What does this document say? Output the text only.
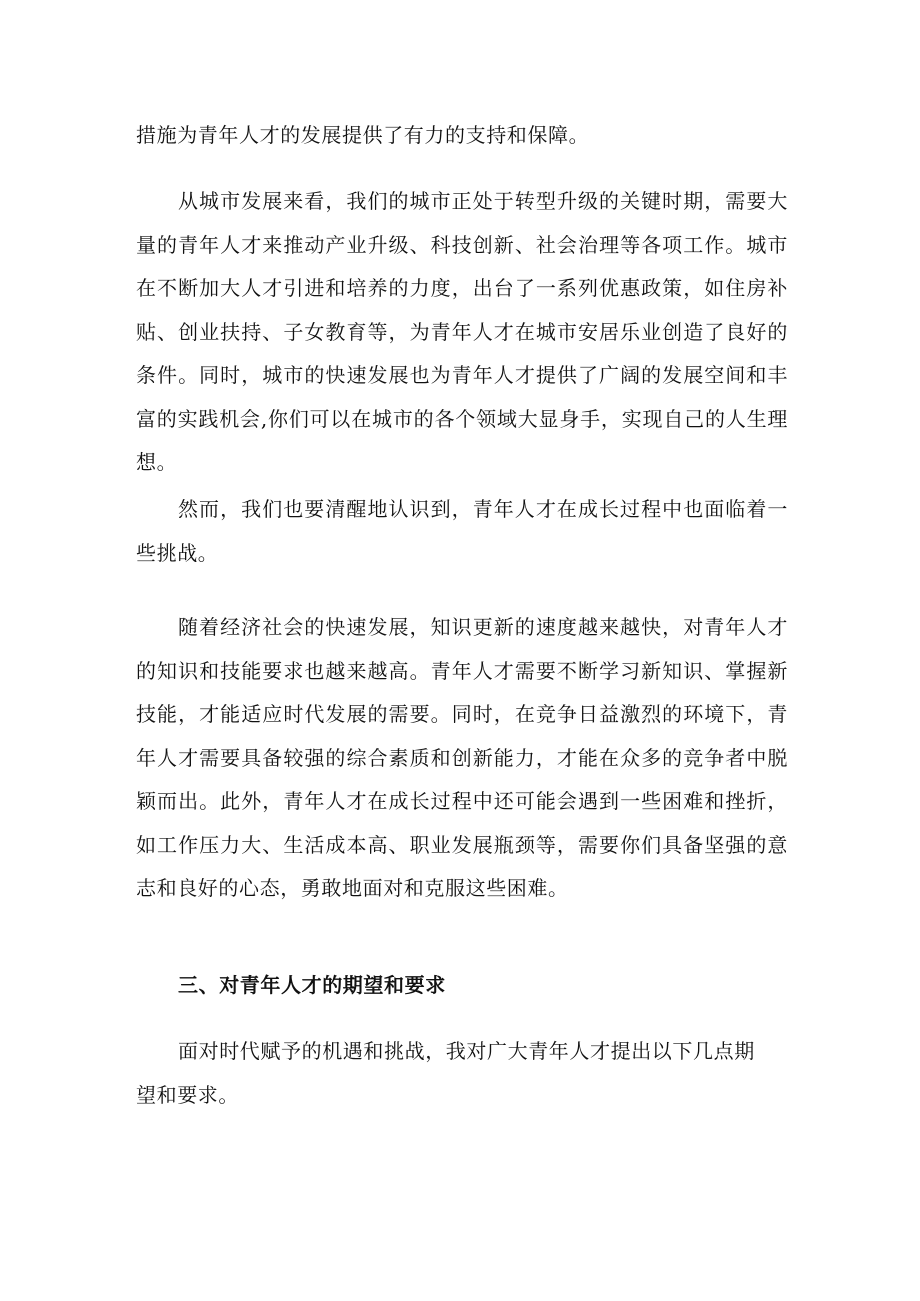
措施为青年人才的发展提供了有力的支持和保障。

从城市发展来看，我们的城市正处于转型升级的关键时期，需要大量的青年人才来推动产业升级、科技创新、社会治理等各项工作。城市在不断加大人才引进和培养的力度，出台了一系列优惠政策，如住房补贴、创业扶持、子女教育等，为青年人才在城市安居乐业创造了良好的条件。同时，城市的快速发展也为青年人才提供了广阔的发展空间和丰富的实践机会,你们可以在城市的各个领域大显身手，实现自己的人生理想。

然而，我们也要清醒地认识到，青年人才在成长过程中也面临着一些挑战。

随着经济社会的快速发展，知识更新的速度越来越快，对青年人才的知识和技能要求也越来越高。青年人才需要不断学习新知识、掌握新技能，才能适应时代发展的需要。同时，在竞争日益激烈的环境下，青年人才需要具备较强的综合素质和创新能力，才能在众多的竞争者中脱颖而出。此外，青年人才在成长过程中还可能会遇到一些困难和挫折，如工作压力大、生活成本高、职业发展瓶颈等，需要你们具备坚强的意志和良好的心态，勇敢地面对和克服这些困难。

三、对青年人才的期望和要求

面对时代赋予的机遇和挑战，我对广大青年人才提出以下几点期

望和要求。
